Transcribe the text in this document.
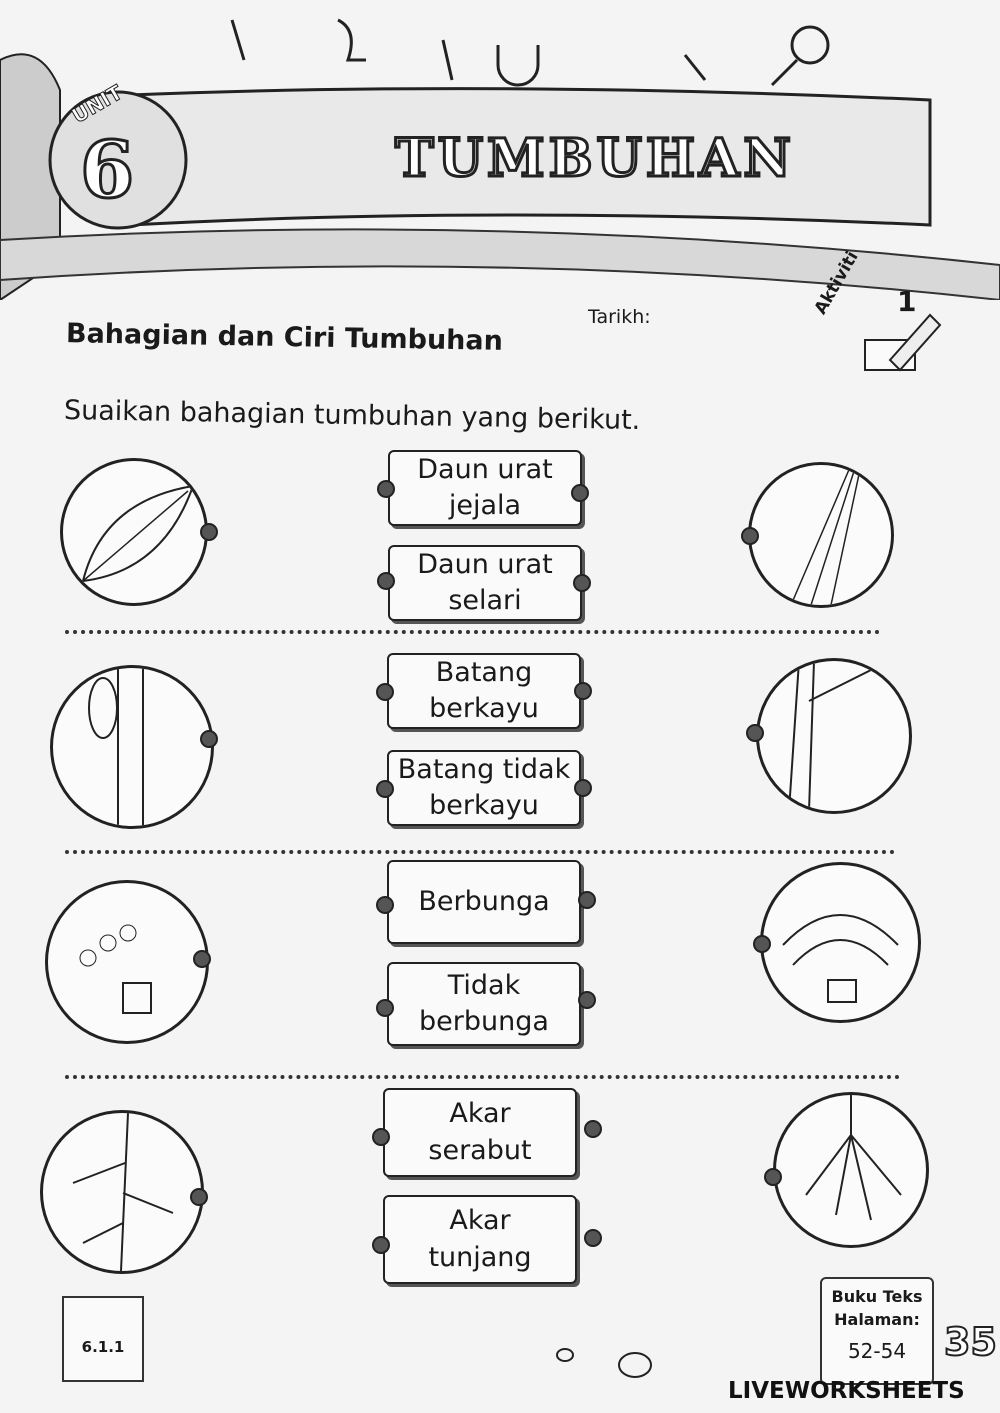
UNIT
6	TUMBUHAN
Bahagian dan Ciri Tumbuhan
Tarikh:	Aktiviti 1
Suaikan bahagian tumbuhan yang berikut.
Daun urat
jejala
Daun urat
selari
Batang
berkayu
Batang tidak
berkayu
Berbunga
Tidak
berbunga
Akar
serabut
Akar
tunjang
6.1.1
Buku Teks
Halaman:
52-54 35
LIVEWORKSHEETS
